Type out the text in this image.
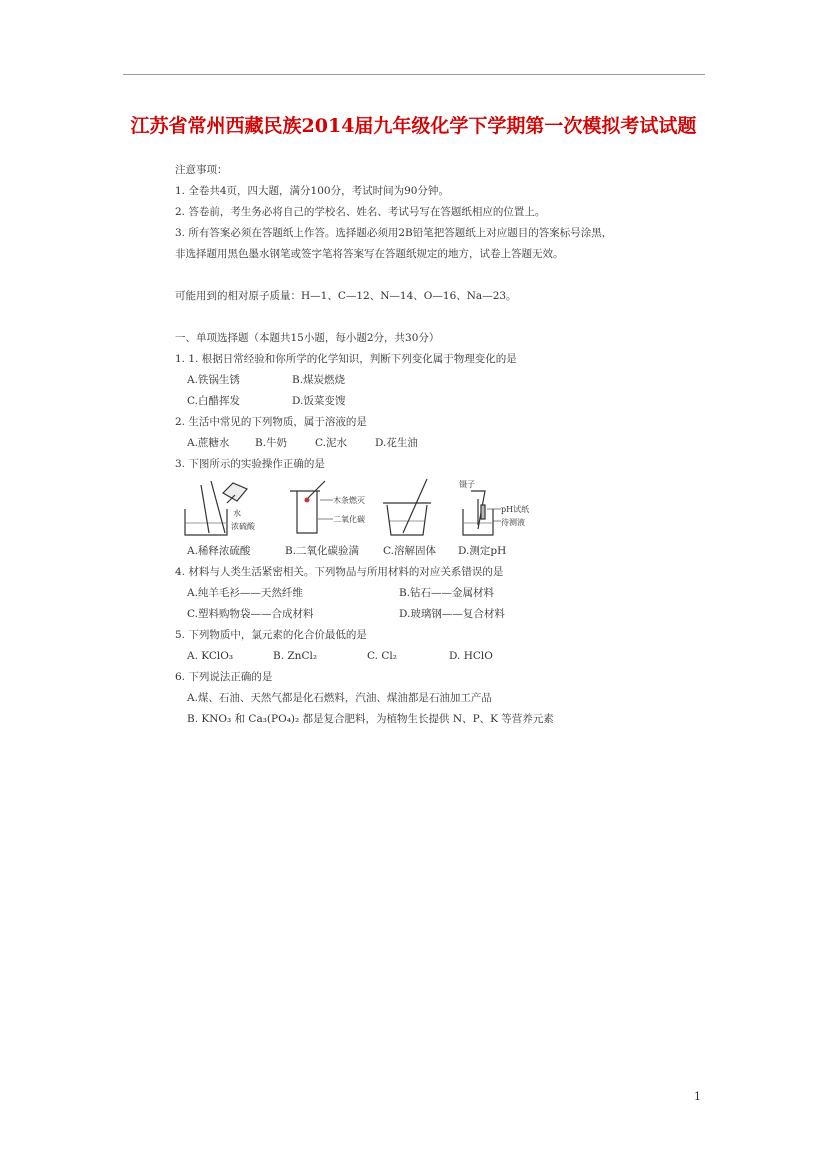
江苏省常州西藏民族2014届九年级化学下学期第一次模拟考试试题
注意事项：
1. 全卷共4页，四大题，满分100分，考试时间为90分钟。
2. 答卷前，考生务必将自己的学校名、姓名、考试号写在答题纸相应的位置上。
3. 所有答案必须在答题纸上作答。选择题必须用2B铅笔把答题纸上对应题目的答案标号涂黑，
非选择题用黑色墨水钢笔或签字笔将答案写在答题纸规定的地方，试卷上答题无效。
可能用到的相对原子质量：H—1、C—12、N—14、O—16、Na—23。
一、单项选择题（本题共15小题，每小题2分，共30分）
1. 1. 根据日常经验和你所学的化学知识，判断下列变化属于物理变化的是
A.铁锅生锈	B.煤炭燃烧
C.白醋挥发	D.饭菜变馊
2. 生活中常见的下列物质，属于溶液的是
A.蔗糖水	B.牛奶	C.泥水	D.花生油
3. 下图所示的实验操作正确的是
水
浓硫酸
木条燃灭
二氧化碳
镊子
pH试纸
待测液
A.稀释浓硫酸	B.二氧化碳验满	C.溶解固体	D.测定pH
4. 材料与人类生活紧密相关。下列物品与所用材料的对应关系错误的是
A.纯羊毛衫——天然纤维	B.钻石——金属材料
C.塑料购物袋——合成材料	D.玻璃钢——复合材料
5. 下列物质中，氯元素的化合价最低的是
A. KClO₃	B. ZnCl₂	C. Cl₂	D. HClO
6. 下列说法正确的是
A.煤、石油、天然气都是化石燃料，汽油、煤油都是石油加工产品
B. KNO₃ 和 Ca₃(PO₄)₂ 都是复合肥料，为植物生长提供 N、P、K 等营养元素
1
